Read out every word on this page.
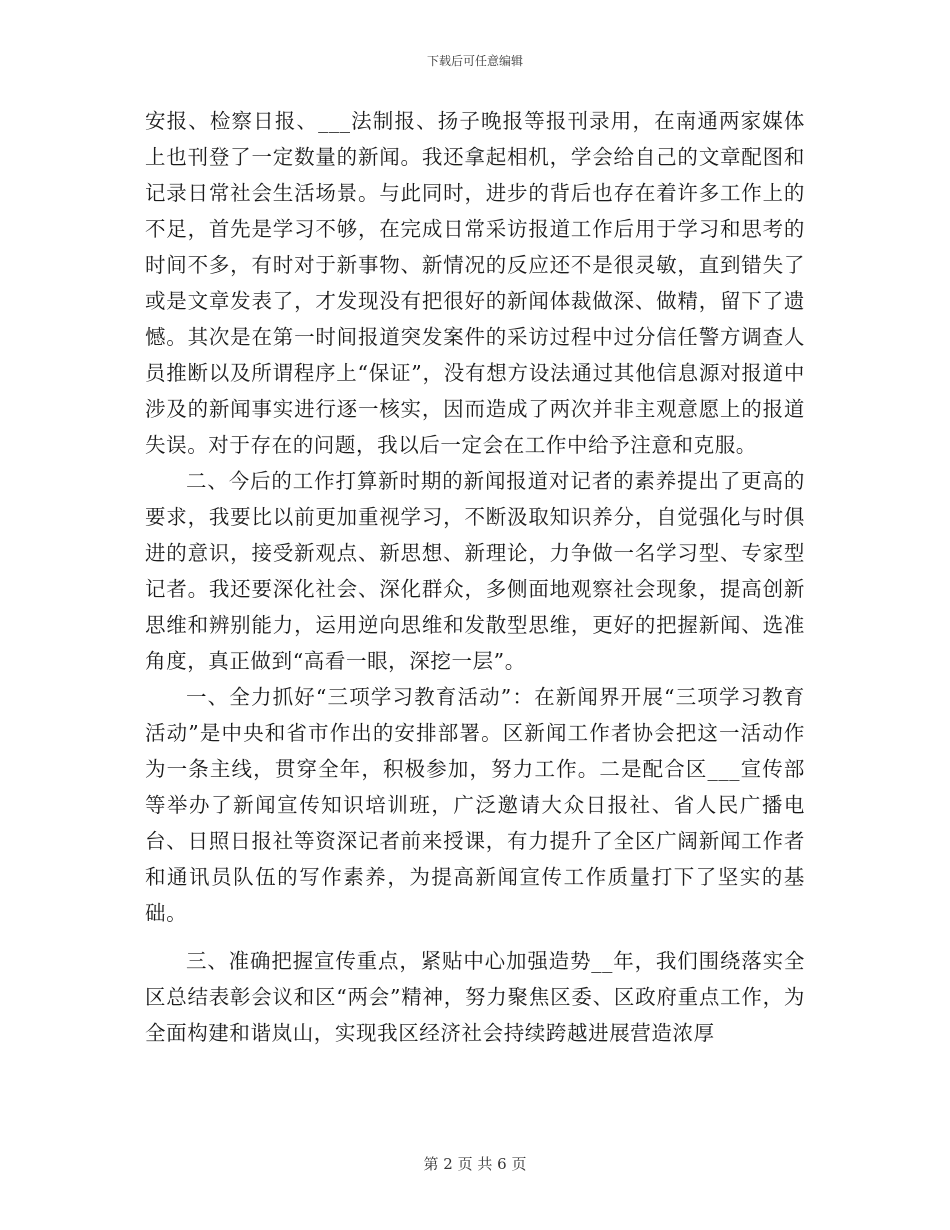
下载后可任意编辑

安报、检察日报、___法制报、扬子晚报等报刊录用，在南通两家媒体上也刊登了一定数量的新闻。我还拿起相机，学会给自己的文章配图和记录日常社会生活场景。与此同时，进步的背后也存在着许多工作上的不足，首先是学习不够，在完成日常采访报道工作后用于学习和思考的时间不多，有时对于新事物、新情况的反应还不是很灵敏，直到错失了或是文章发表了，才发现没有把很好的新闻体裁做深、做精，留下了遗憾。其次是在第一时间报道突发案件的采访过程中过分信任警方调查人员推断以及所谓程序上“保证”，没有想方设法通过其他信息源对报道中涉及的新闻事实进行逐一核实，因而造成了两次并非主观意愿上的报道失误。对于存在的问题，我以后一定会在工作中给予注意和克服。

二、今后的工作打算新时期的新闻报道对记者的素养提出了更高的要求，我要比以前更加重视学习，不断汲取知识养分，自觉强化与时俱进的意识，接受新观点、新思想、新理论，力争做一名学习型、专家型记者。我还要深化社会、深化群众，多侧面地观察社会现象，提高创新思维和辨别能力，运用逆向思维和发散型思维，更好的把握新闻、选准角度，真正做到“高看一眼，深挖一层”。

一、全力抓好“三项学习教育活动”：在新闻界开展“三项学习教育活动”是中央和省市作出的安排部署。区新闻工作者协会把这一活动作为一条主线，贯穿全年，积极参加，努力工作。二是配合区___宣传部等举办了新闻宣传知识培训班，广泛邀请大众日报社、省人民广播电台、日照日报社等资深记者前来授课，有力提升了全区广阔新闻工作者和通讯员队伍的写作素养，为提高新闻宣传工作质量打下了坚实的基础。

三、准确把握宣传重点，紧贴中心加强造势__年，我们围绕落实全区总结表彰会议和区“两会”精神，努力聚焦区委、区政府重点工作，为全面构建和谐岚山，实现我区经济社会持续跨越进展营造浓厚

第 2 页 共 6 页
